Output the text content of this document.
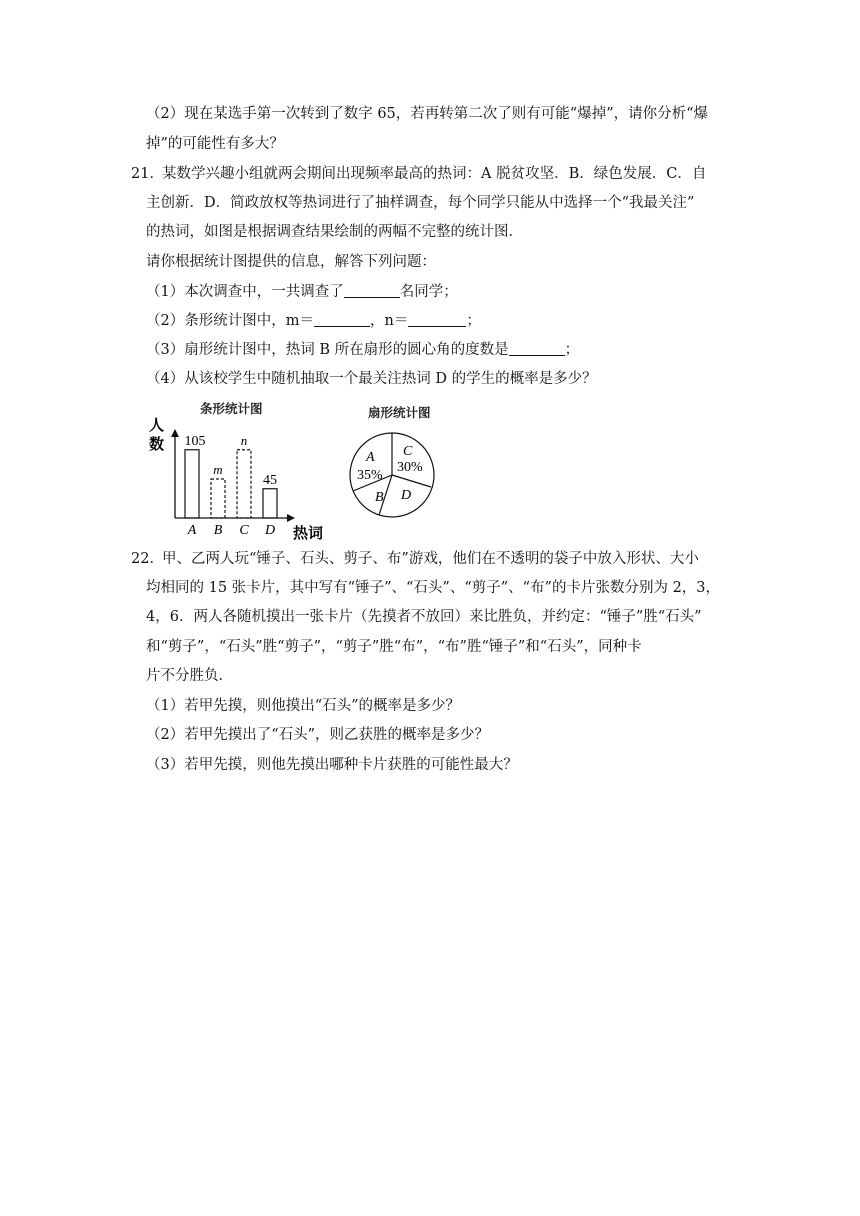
（2）现在某选手第一次转到了数字 65，若再转第二次了则有可能“爆掉”，请你分析“爆
掉”的可能性有多大？
21．
某数学兴趣小组就两会期间出现频率最高的热词：A 脱贫攻坚．B．绿色发展．C．自
主创新．D．简政放权等热词进行了抽样调查，每个同学只能从中选择一个“我最关注”
的热词，如图是根据调查结果绘制的两幅不完整的统计图．
请你根据统计图提供的信息，解答下列问题：
（1）本次调查中，一共调查了	名同学；
（2）条形统计图中，m＝	，n＝	；
（3）扇形统计图中，热词 B 所在扇形的圆心角的度数是	；
（4）从该校学生中随机抽取一个最关注热词 D 的学生的概率是多少？
条形统计图
人
数 105
A
m
B
n
C
45
D 热词
扇形统计图
A
35%
C
30%
D
B
22．
甲、乙两人玩“锤子、石头、剪子、布”游戏，他们在不透明的袋子中放入形状、大小
均相同的 15 张卡片，其中写有“锤子”、“石头”、“剪子”、“布”的卡片张数分别为 2，3，
4，6．两人各随机摸出一张卡片（先摸者不放回）来比胜负，并约定：“锤子”胜“石头”
和“剪子”，“石头”胜“剪子”，“剪子”胜“布”，“布”胜“锤子”和“石头”，同种卡
片不分胜负．
（1）若甲先摸，则他摸出“石头”的概率是多少？
（2）若甲先摸出了“石头”，则乙获胜的概率是多少？
（3）若甲先摸，则他先摸出哪种卡片获胜的可能性最大？
